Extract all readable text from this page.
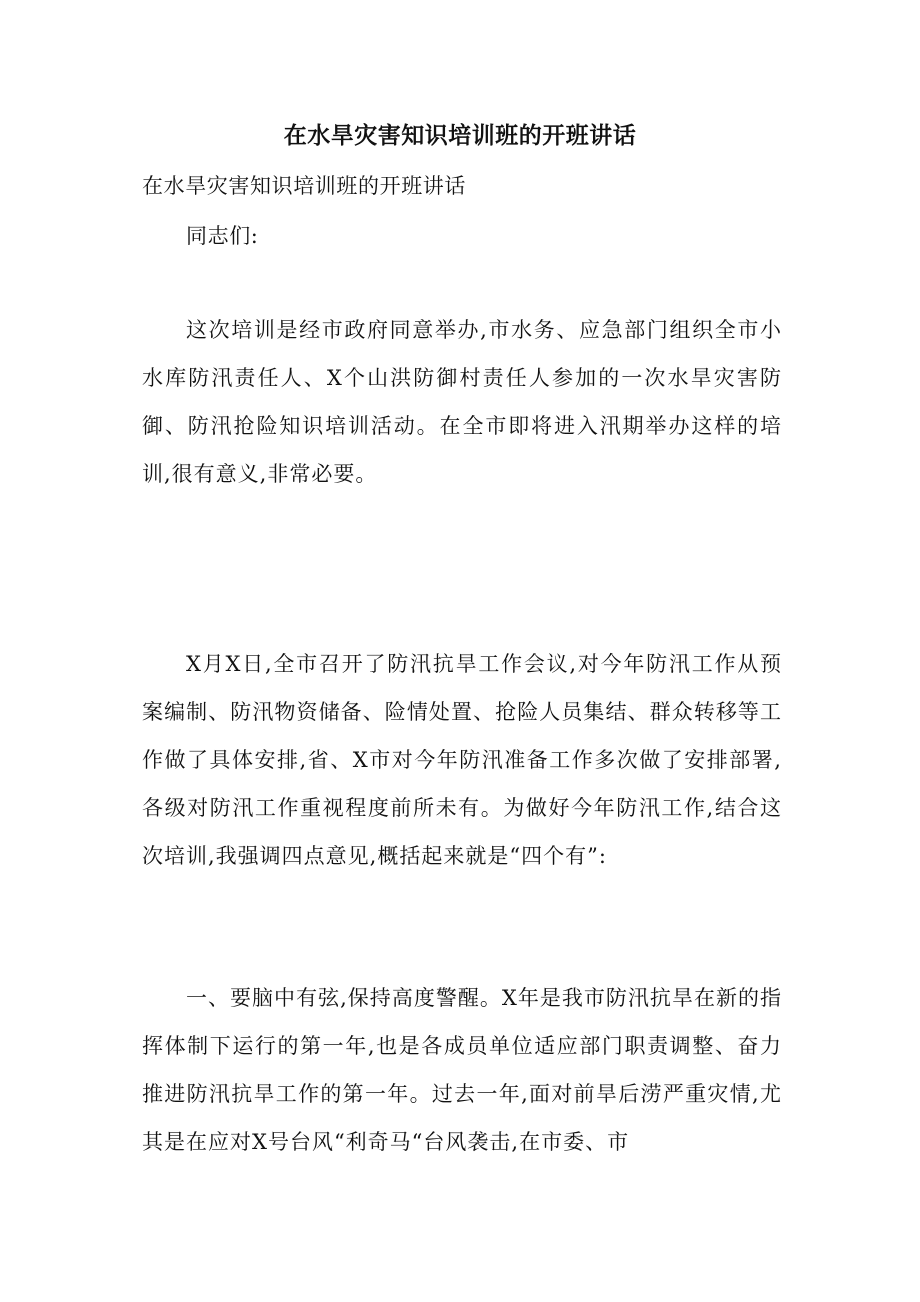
在水旱灾害知识培训班的开班讲话
在水旱灾害知识培训班的开班讲话
同志们:

这次培训是经市政府同意举办,市水务、应急部门组织全市小水库防汛责任人、X个山洪防御村责任人参加的一次水旱灾害防御、防汛抢险知识培训活动。在全市即将进入汛期举办这样的培训,很有意义,非常必要。

X月X日,全市召开了防汛抗旱工作会议,对今年防汛工作从预案编制、防汛物资储备、险情处置、抢险人员集结、群众转移等工作做了具体安排,省、X市对今年防汛准备工作多次做了安排部署,各级对防汛工作重视程度前所未有。为做好今年防汛工作,结合这次培训,我强调四点意见,概括起来就是“四个有”:

一、要脑中有弦,保持高度警醒。X年是我市防汛抗旱在新的指挥体制下运行的第一年,也是各成员单位适应部门职责调整、奋力推进防汛抗旱工作的第一年。过去一年,面对前旱后涝严重灾情,尤其是在应对X号台风“利奇马“台风袭击,在市委、市
